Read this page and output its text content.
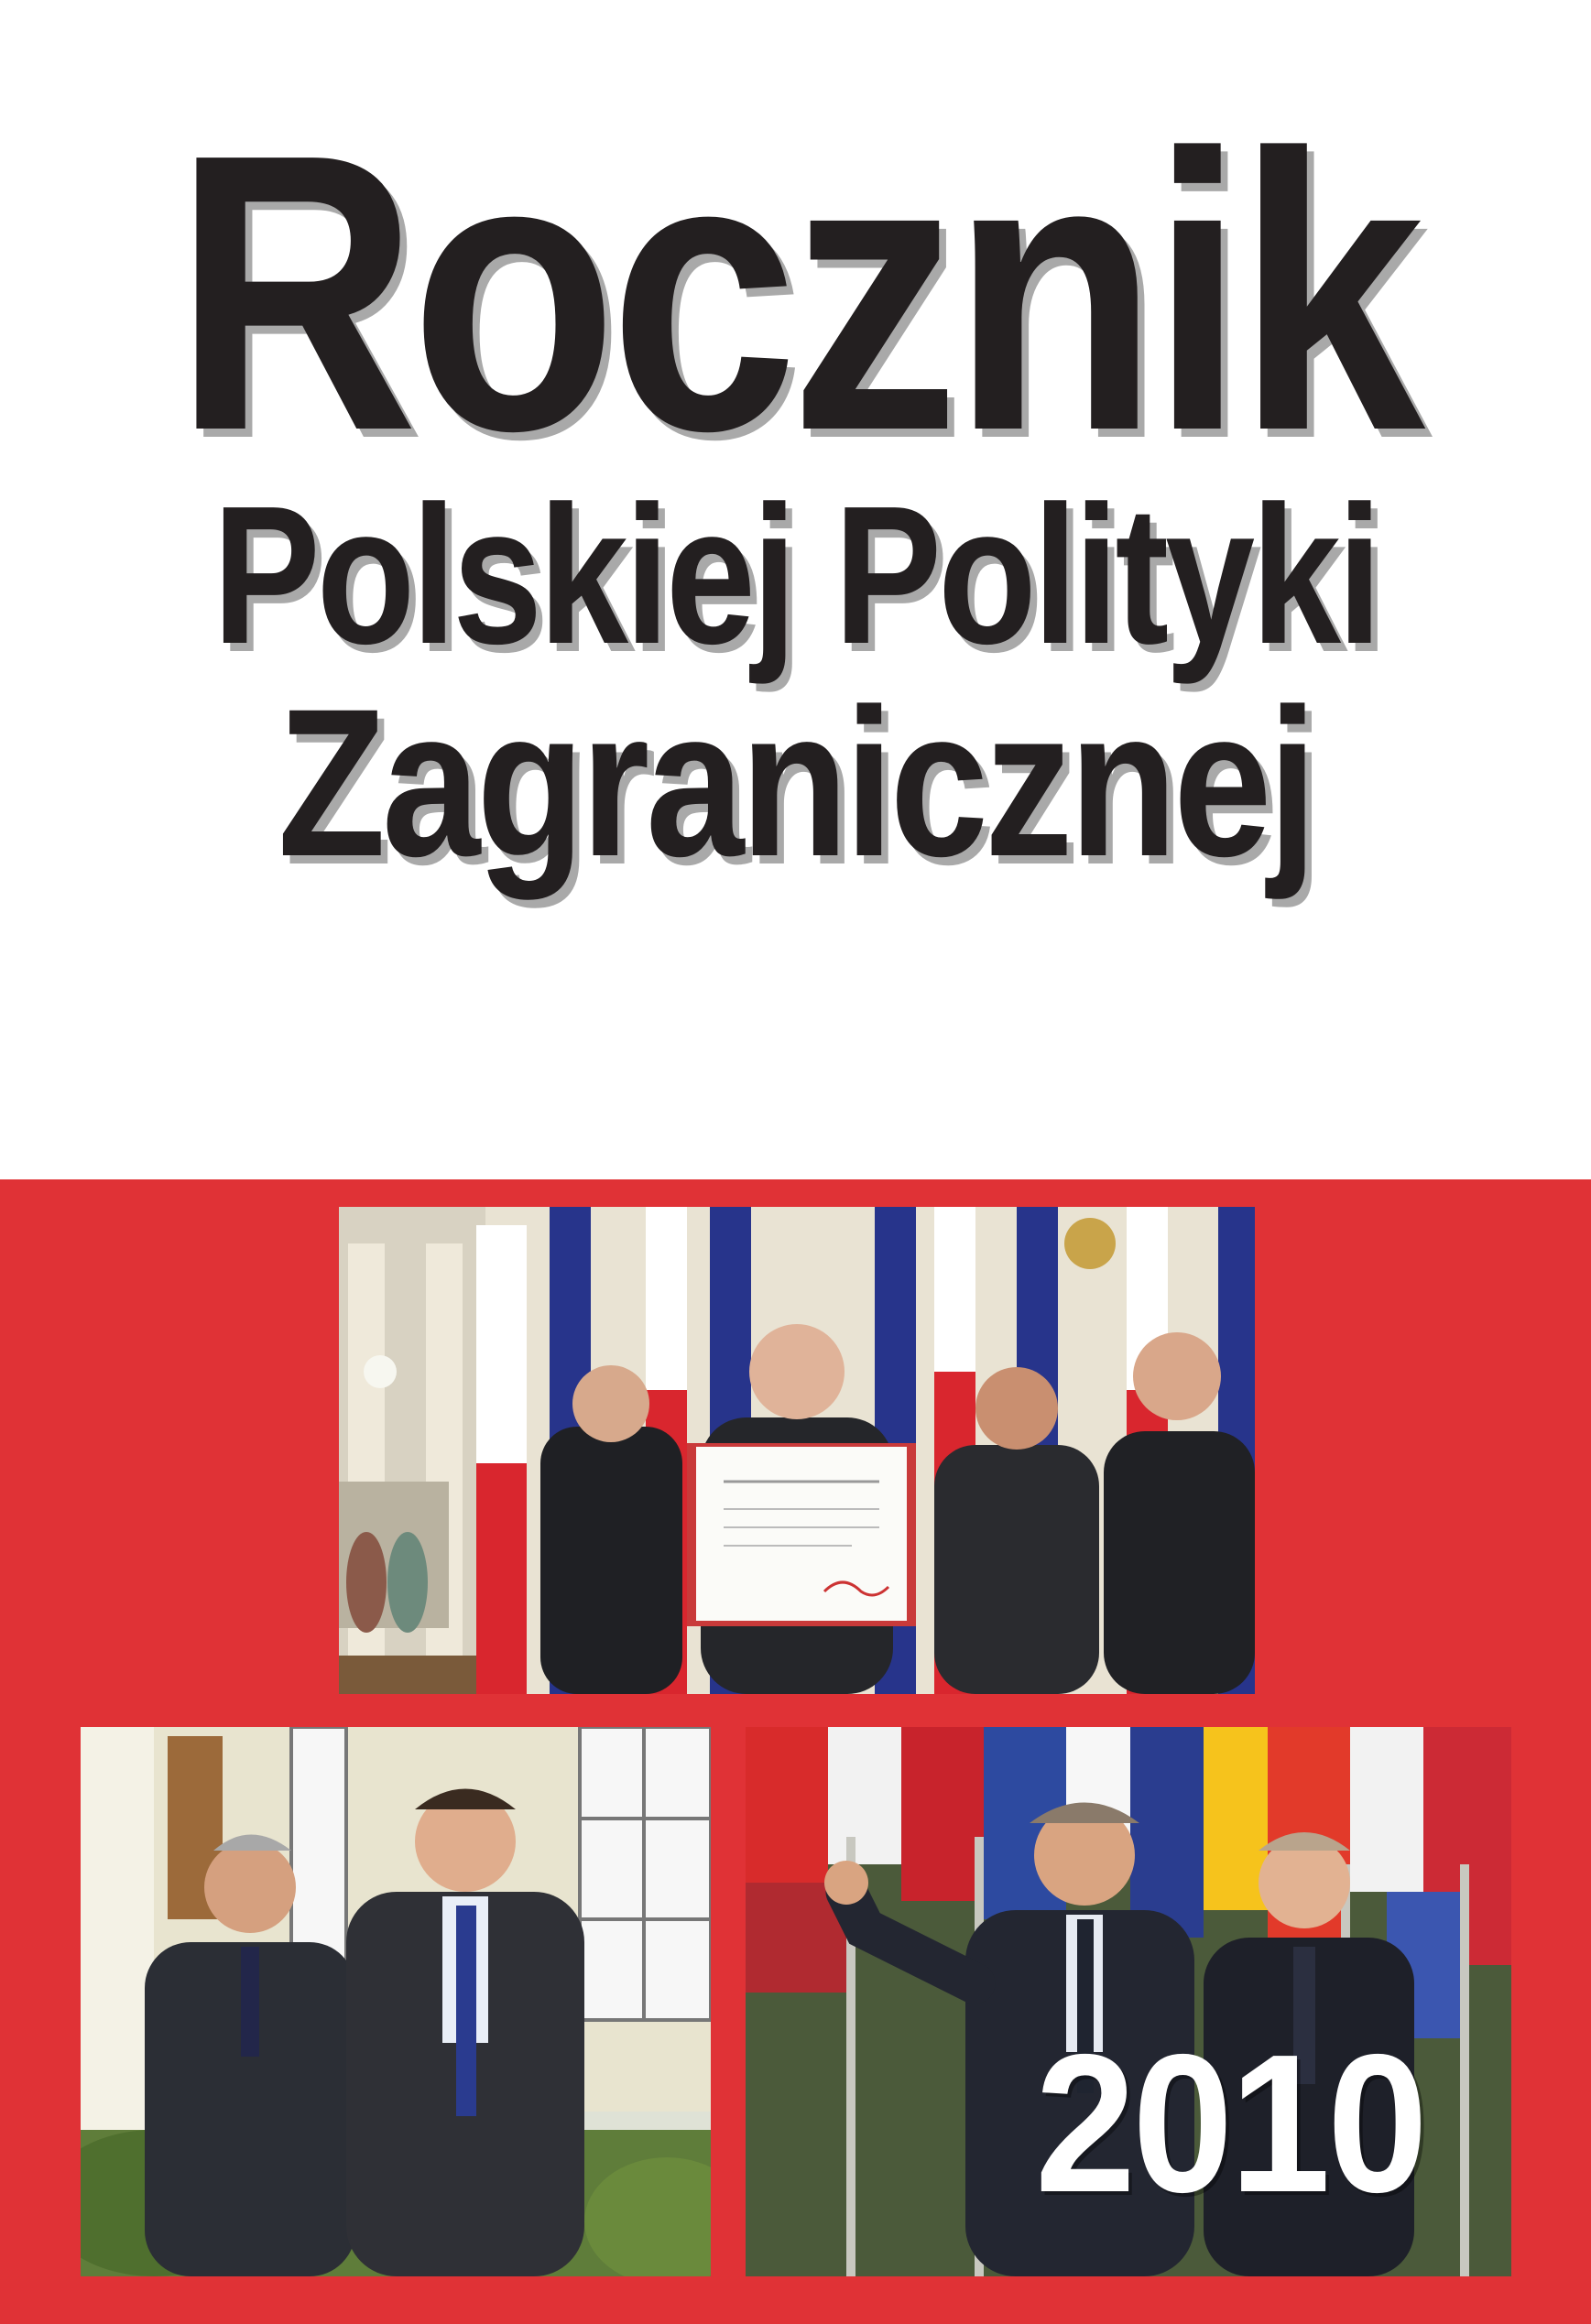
Rocznik
Polskiej Polityki
Zagranicznej
2010
